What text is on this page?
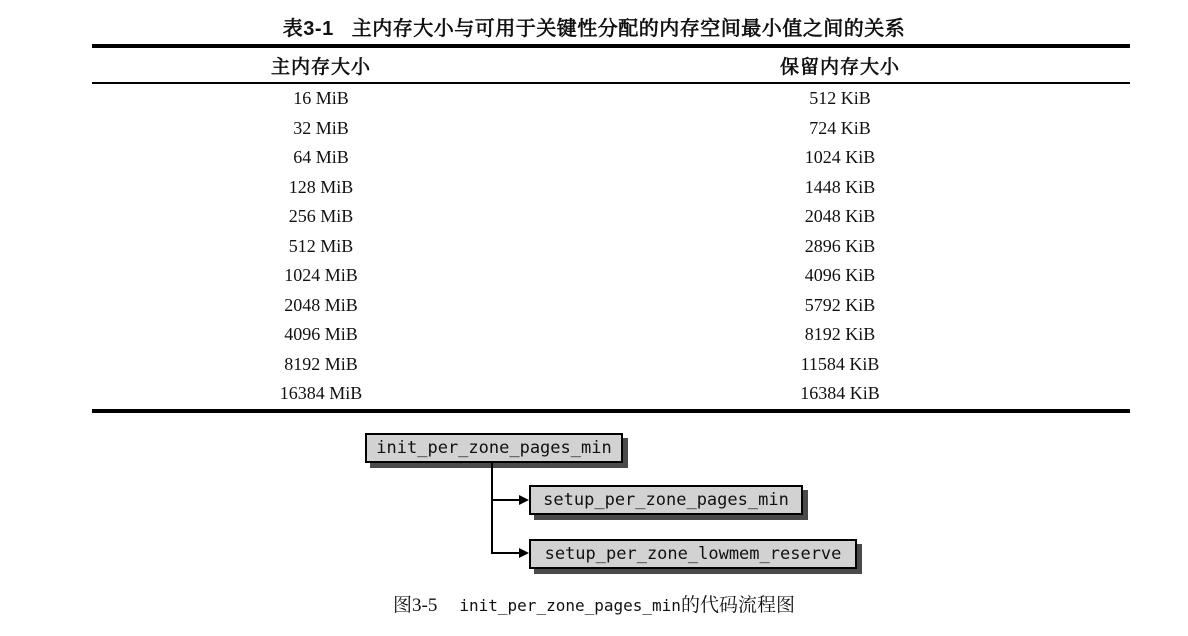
表3-1 主内存大小与可用于关键性分配的内存空间最小值之间的关系
主内存大小	保留内存大小
16 MiB	512 KiB
32 MiB	724 KiB
64 MiB	1024 KiB
128 MiB	1448 KiB
256 MiB	2048 KiB
512 MiB	2896 KiB
1024 MiB	4096 KiB
2048 MiB	5792 KiB
4096 MiB	8192 KiB
8192 MiB	11584 KiB
16384 MiB	16384 KiB
init_per_zone_pages_min
setup_per_zone_pages_min
setup_per_zone_lowmem_reserve
图3-5 init_per_zone_pages_min的代码流程图
